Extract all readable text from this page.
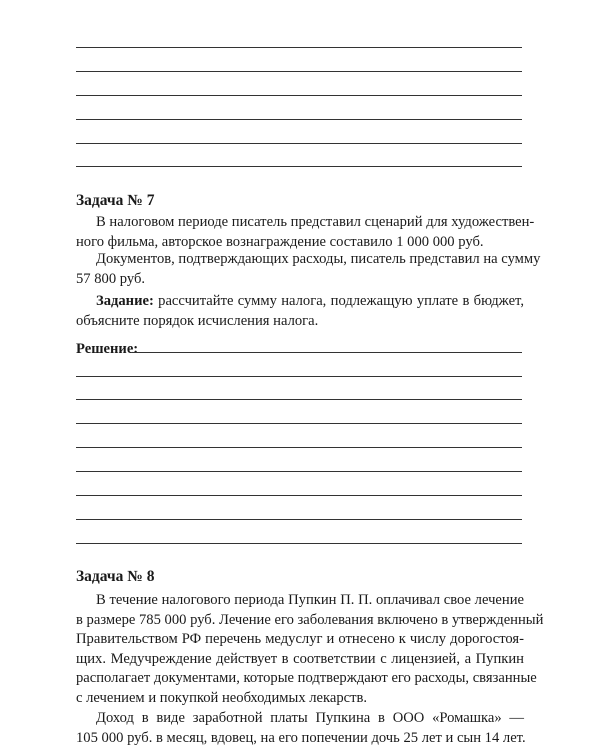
Задача № 7
В налоговом периоде писатель представил сценарий для художествен-
ного фильма, авторское вознаграждение составило 1 000 000 руб.
Документов, подтверждающих расходы, писатель представил на сумму
57 800 руб.
Задание: рассчитайте сумму налога, подлежащую уплате в бюджет,
объясните порядок исчисления налога.
Решение:
Задача № 8
В течение налогового периода Пупкин П. П. оплачивал свое лечение
в размере 785 000 руб. Лечение его заболевания включено в утвержденный
Правительством РФ перечень медуслуг и отнесено к числу дорогостоя-
щих. Медучреждение действует в соответствии с лицензией, а Пупкин
располагает документами, которые подтверждают его расходы, связанные
с лечением и покупкой необходимых лекарств.
Доход в виде заработной платы Пупкина в ООО «Ромашка» —
105 000 руб. в месяц, вдовец, на его попечении дочь 25 лет и сын 14 лет.
